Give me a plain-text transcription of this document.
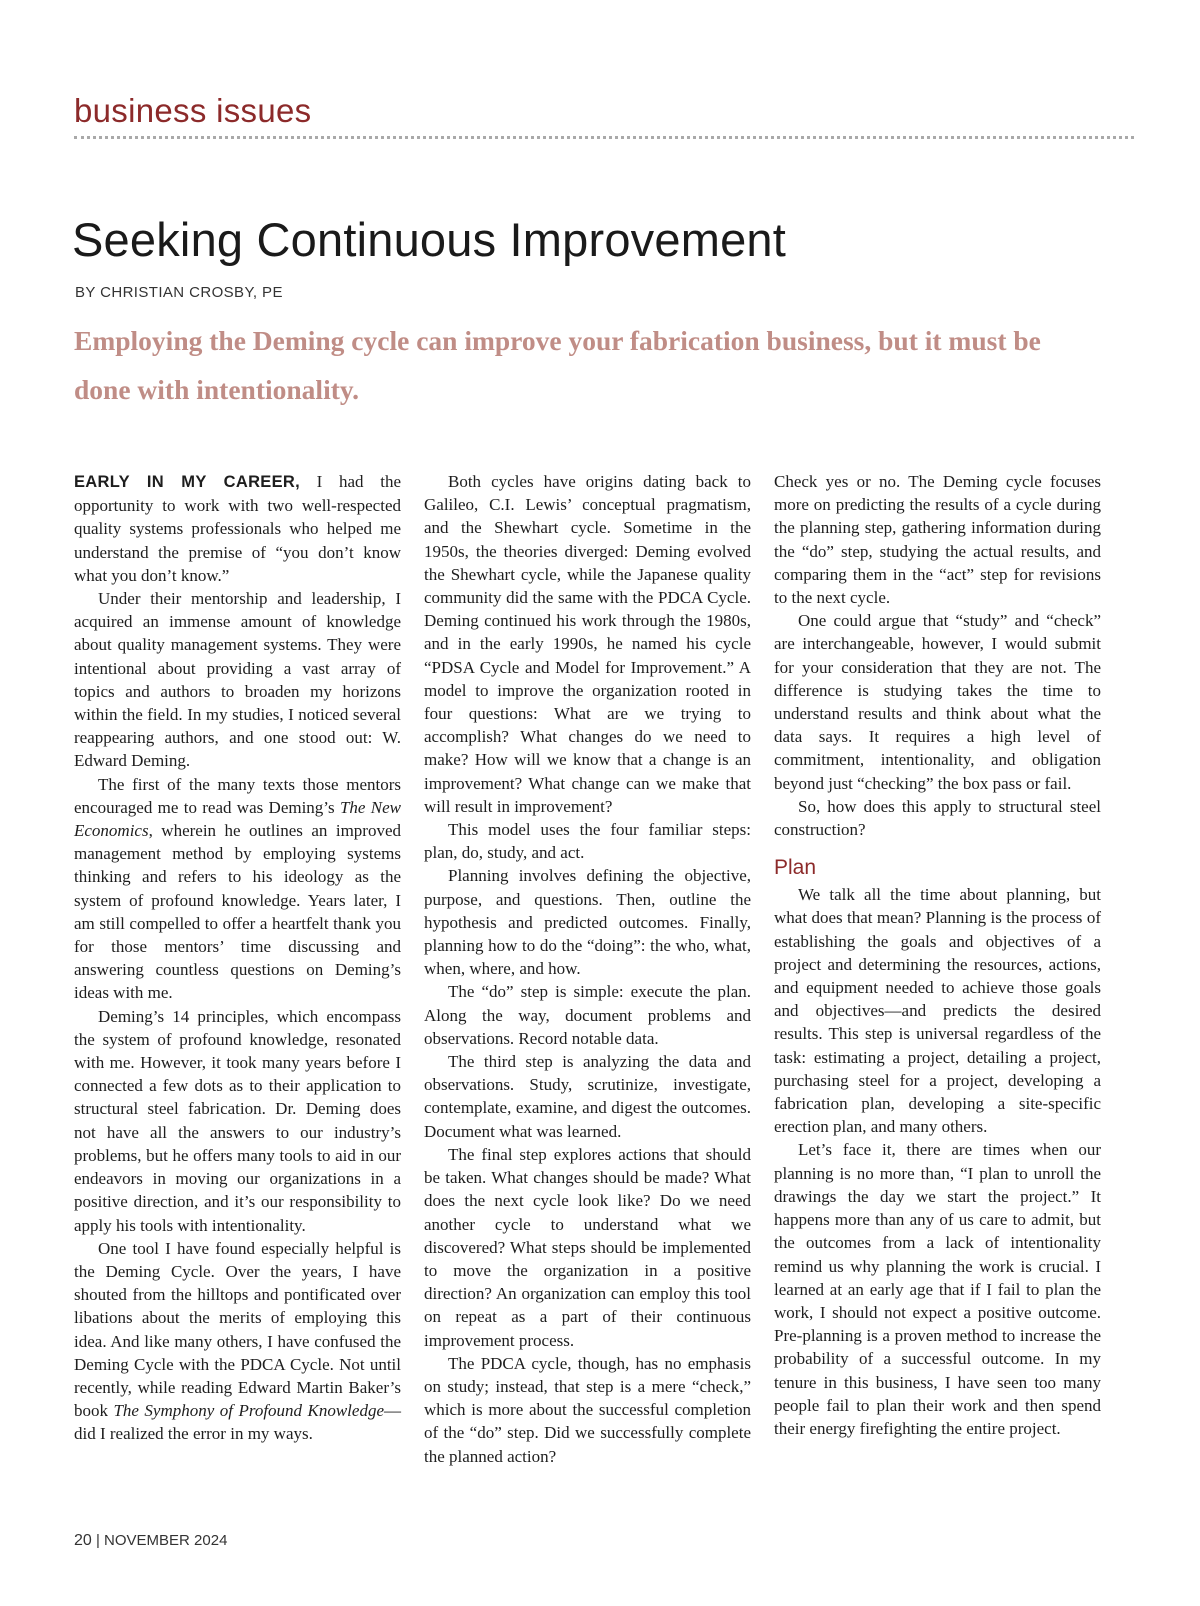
business issues
Seeking Continuous Improvement
BY CHRISTIAN CROSBY, PE
Employing the Deming cycle can improve your fabrication business, but it must be done with intentionality.

EARLY IN MY CAREER, I had the opportunity to work with two well-respected quality systems professionals who helped me understand the premise of “you don’t know what you don’t know.”

Under their mentorship and leadership, I acquired an immense amount of knowledge about quality management systems. They were intentional about providing a vast array of topics and authors to broaden my horizons within the field. In my studies, I noticed several reappearing authors, and one stood out: W. Edward Deming.

The first of the many texts those mentors encouraged me to read was Deming’s The New Economics, wherein he outlines an improved management method by employing systems thinking and refers to his ideology as the system of profound knowledge. Years later, I am still compelled to offer a heartfelt thank you for those mentors’ time discussing and answering countless questions on Deming’s ideas with me.

Deming’s 14 principles, which encompass the system of profound knowledge, resonated with me. However, it took many years before I connected a few dots as to their application to structural steel fabrication. Dr. Deming does not have all the answers to our industry’s problems, but he offers many tools to aid in our endeavors in moving our organizations in a positive direction, and it’s our responsibility to apply his tools with intentionality.

One tool I have found especially helpful is the Deming Cycle. Over the years, I have shouted from the hilltops and pontificated over libations about the merits of employing this idea. And like many others, I have confused the Deming Cycle with the PDCA Cycle. Not until recently, while reading Edward Martin Baker’s book The Symphony of Profound Knowledge—did I realized the error in my ways.

Both cycles have origins dating back to Galileo, C.I. Lewis’ conceptual pragmatism, and the Shewhart cycle. Sometime in the 1950s, the theories diverged: Deming evolved the Shewhart cycle, while the Japanese quality community did the same with the PDCA Cycle. Deming continued his work through the 1980s, and in the early 1990s, he named his cycle “PDSA Cycle and Model for Improvement.” A model to improve the organization rooted in four questions: What are we trying to accomplish? What changes do we need to make? How will we know that a change is an improvement? What change can we make that will result in improvement?

This model uses the four familiar steps: plan, do, study, and act.

Planning involves defining the objective, purpose, and questions. Then, outline the hypothesis and predicted outcomes. Finally, planning how to do the “doing”: the who, what, when, where, and how.

The “do” step is simple: execute the plan. Along the way, document problems and observations. Record notable data.

The third step is analyzing the data and observations. Study, scrutinize, investigate, contemplate, examine, and digest the outcomes. Document what was learned.

The final step explores actions that should be taken. What changes should be made? What does the next cycle look like? Do we need another cycle to understand what we discovered? What steps should be implemented to move the organization in a positive direction? An organization can employ this tool on repeat as a part of their continuous improvement process.

The PDCA cycle, though, has no emphasis on study; instead, that step is a mere “check,” which is more about the successful completion of the “do” step. Did we successfully complete the planned action?

Check yes or no. The Deming cycle focuses more on predicting the results of a cycle during the planning step, gathering information during the “do” step, studying the actual results, and comparing them in the “act” step for revisions to the next cycle.

One could argue that “study” and “check” are interchangeable, however, I would submit for your consideration that they are not. The difference is studying takes the time to understand results and think about what the data says. It requires a high level of commitment, intentionality, and obligation beyond just “checking” the box pass or fail.

So, how does this apply to structural steel construction?

Plan

We talk all the time about planning, but what does that mean? Planning is the process of establishing the goals and objectives of a project and determining the resources, actions, and equipment needed to achieve those goals and objectives—and predicts the desired results. This step is universal regardless of the task: estimating a project, detailing a project, purchasing steel for a project, developing a fabrication plan, developing a site-specific erection plan, and many others.

Let’s face it, there are times when our planning is no more than, “I plan to unroll the drawings the day we start the project.” It happens more than any of us care to admit, but the outcomes from a lack of intentionality remind us why planning the work is crucial. I learned at an early age that if I fail to plan the work, I should not expect a positive outcome. Pre-planning is a proven method to increase the probability of a successful outcome. In my tenure in this business, I have seen too many people fail to plan their work and then spend their energy firefighting the entire project.

20 | NOVEMBER 2024
